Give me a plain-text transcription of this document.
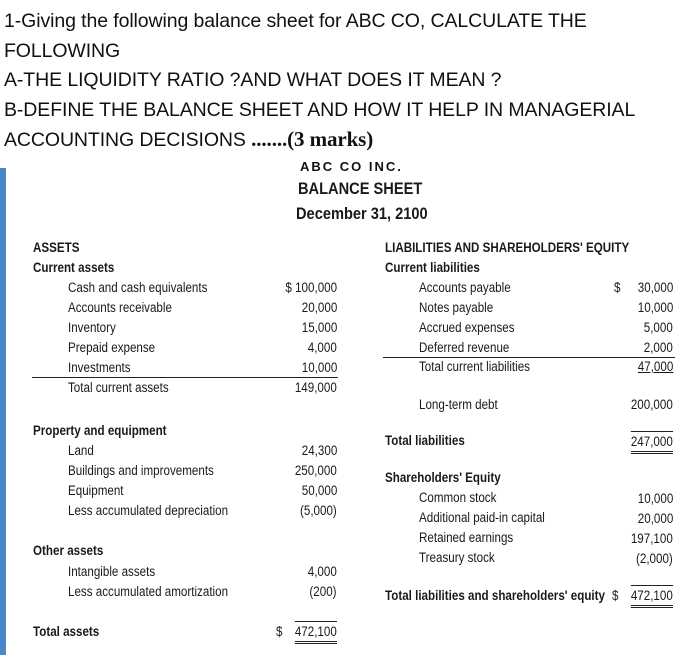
1-Giving the following balance sheet for ABC CO, CALCULATE THE
FOLLOWING
A-THE LIQUIDITY RATIO ?AND WHAT DOES IT MEAN ?
B-DEFINE THE BALANCE SHEET AND HOW IT HELP IN MANAGERIAL
ACCOUNTING DECISIONS .......(3 marks)
ABC CO INC.
BALANCE SHEET
December 31, 2100
ASSETS
Current assets
Cash and cash equivalents	$ 100,000
Accounts receivable	20,000
Inventory	15,000
Prepaid expense	4,000
Investments	10,000
Total current assets	149,000
Property and equipment
Land	24,300
Buildings and improvements	250,000
Equipment	50,000
Less accumulated depreciation	(5,000)
Other assets
Intangible assets	4,000
Less accumulated amortization	(200)
Total assets	$ 472,100
LIABILITIES AND SHAREHOLDERS' EQUITY
Current liabilities
Accounts payable	$ 30,000
Notes payable	10,000
Accrued expenses	5,000
Deferred revenue	2,000
Total current liabilities	47,000
Long-term debt	200,000
Total liabilities	247,000
Shareholders' Equity
Common stock	10,000
Additional paid-in capital	20,000
Retained earnings	197,100
Treasury stock	(2,000)
Total liabilities and shareholders' equity $ 472,100
